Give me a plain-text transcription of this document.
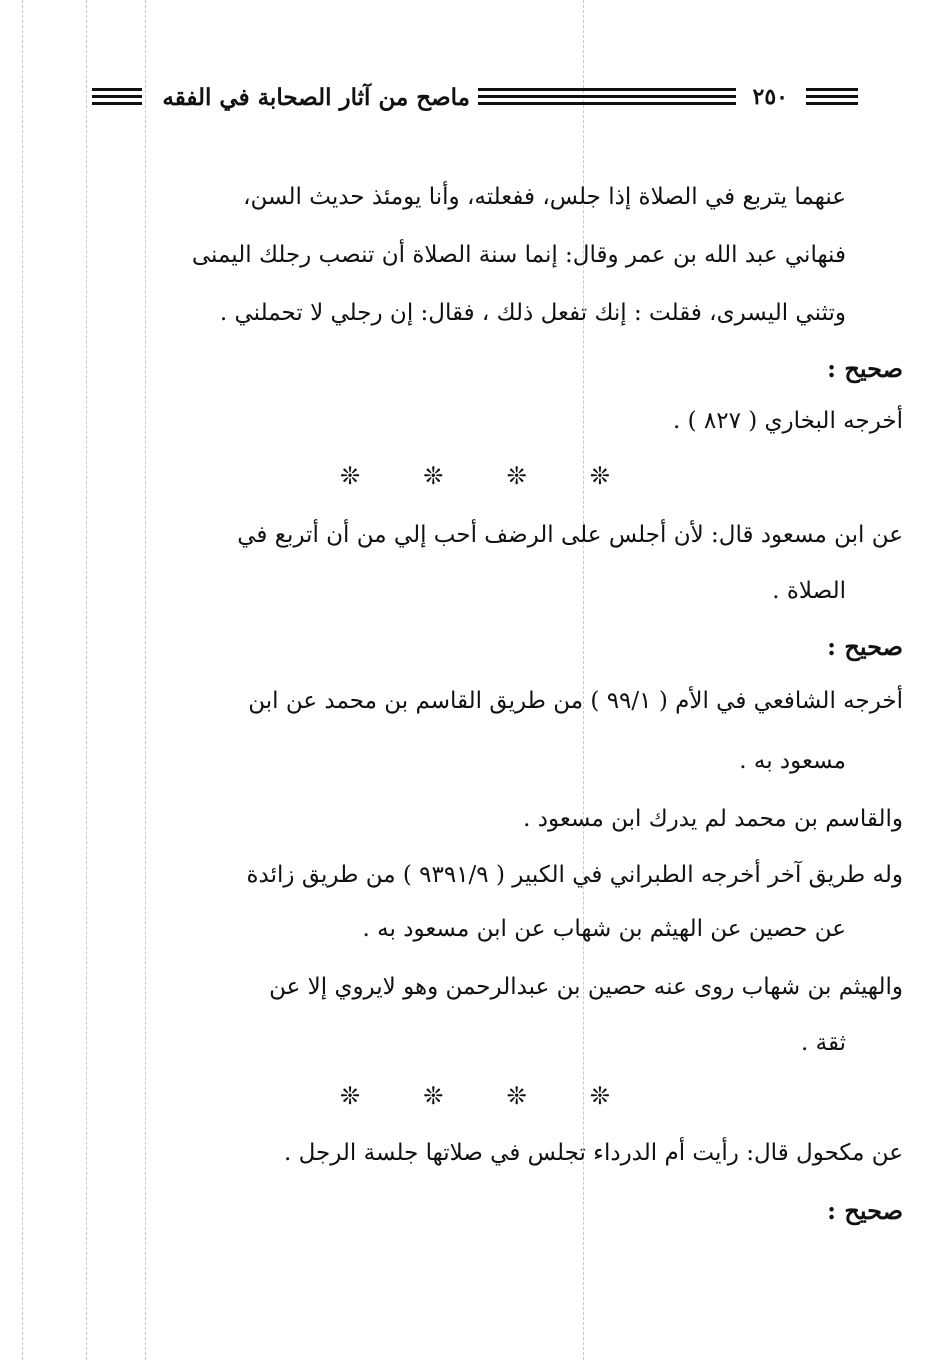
٢٥٠
ماصح من آثار الصحابة في الفقه
عنهما يتربع في الصلاة إذا جلس، ففعلته، وأنا يومئذ حديث السن،
فنهاني عبد الله بن عمر وقال: إنما سنة الصلاة أن تنصب رجلك اليمنى
وتثني اليسرى، فقلت : إنك تفعل ذلك ، فقال: إن رجلي لا تحملني .
صحيح :
أخرجه البخاري ( ٨٢٧ ) .
❊	❊	❊	❊
عن ابن مسعود قال: لأن أجلس على الرضف أحب إلي من أن أتربع في
الصلاة .
صحيح :
أخرجه الشافعي في الأم ( ٩٩/١ ) من طريق القاسم بن محمد عن ابن
مسعود به .
والقاسم بن محمد لم يدرك ابن مسعود .
وله طريق آخر أخرجه الطبراني في الكبير ( ٩٣٩١/٩ ) من طريق زائدة
عن حصين عن الهيثم بن شهاب عن ابن مسعود به .
والهيثم بن شهاب روى عنه حصين بن عبدالرحمن وهو لايروي إلا عن
ثقة .
❊	❊	❊	❊
عن مكحول قال: رأيت أم الدرداء تجلس في صلاتها جلسة الرجل .
صحيح :
